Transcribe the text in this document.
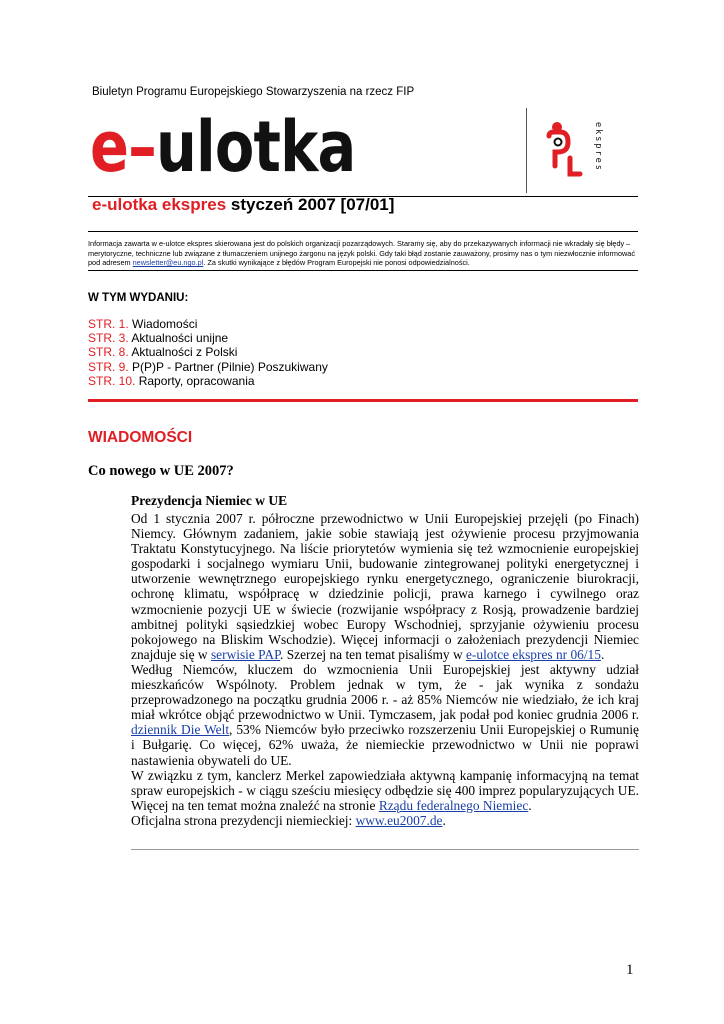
Biuletyn Programu Europejskiego Stowarzyszenia na rzecz FIP
e–ulotka	ekspres
e-ulotka ekspres styczeń 2007 [07/01]
Informacja zawarta w e-ulotce ekspres skierowana jest do polskich organizacji pozarządowych. Staramy się, aby do przekazywanych informacji nie wkradały się błędy – merytoryczne, techniczne lub związane z tłumaczeniem unijnego żargonu na język polski. Gdy taki błąd zostanie zauważony, prosimy nas o tym niezwłocznie informować pod adresem newsletter@eu.ngo.pl. Za skutki wynikające z błędów Program Europejski nie ponosi odpowiedzialności.
W TYM WYDANIU:
STR. 1. Wiadomości
STR. 3. Aktualności unijne
STR. 8. Aktualności z Polski
STR. 9. P(P)P - Partner (Pilnie) Poszukiwany
STR. 10. Raporty, opracowania
WIADOMOŚCI
Co nowego w UE 2007?
Prezydencja Niemiec w UE

Od 1 stycznia 2007 r. półroczne przewodnictwo w Unii Europejskiej przejęli (po Finach) Niemcy. Głównym zadaniem, jakie sobie stawiają jest ożywienie procesu przyjmowania Traktatu Konstytucyjnego. Na liście priorytetów wymienia się też wzmocnienie europejskiej gospodarki i socjalnego wymiaru Unii, budowanie zintegrowanej polityki energetycznej i utworzenie wewnętrznego europejskiego rynku energetycznego, ograniczenie biurokracji, ochronę klimatu, współpracę w dziedzinie policji, prawa karnego i cywilnego oraz wzmocnienie pozycji UE w świecie (rozwijanie współpracy z Rosją, prowadzenie bardziej ambitnej polityki sąsiedzkiej wobec Europy Wschodniej, sprzyjanie ożywieniu procesu pokojowego na Bliskim Wschodzie). Więcej informacji o założeniach prezydencji Niemiec znajduje się w serwisie PAP. Szerzej na ten temat pisaliśmy w e-ulotce ekspres nr 06/15.

Według Niemców, kluczem do wzmocnienia Unii Europejskiej jest aktywny udział mieszkańców Wspólnoty. Problem jednak w tym, że - jak wynika z sondażu przeprowadzonego na początku grudnia 2006 r. - aż 85% Niemców nie wiedziało, że ich kraj miał wkrótce objąć przewodnictwo w Unii. Tymczasem, jak podał pod koniec grudnia 2006 r. dziennik Die Welt, 53% Niemców było przeciwko rozszerzeniu Unii Europejskiej o Rumunię i Bułgarię. Co więcej, 62% uważa, że niemieckie przewodnictwo w Unii nie poprawi nastawienia obywateli do UE.

W związku z tym, kanclerz Merkel zapowiedziała aktywną kampanię informacyjną na temat spraw europejskich - w ciągu sześciu miesięcy odbędzie się 400 imprez popularyzujących UE. Więcej na ten temat można znaleźć na stronie Rządu federalnego Niemiec.

Oficjalna strona prezydencji niemieckiej: www.eu2007.de.

1
